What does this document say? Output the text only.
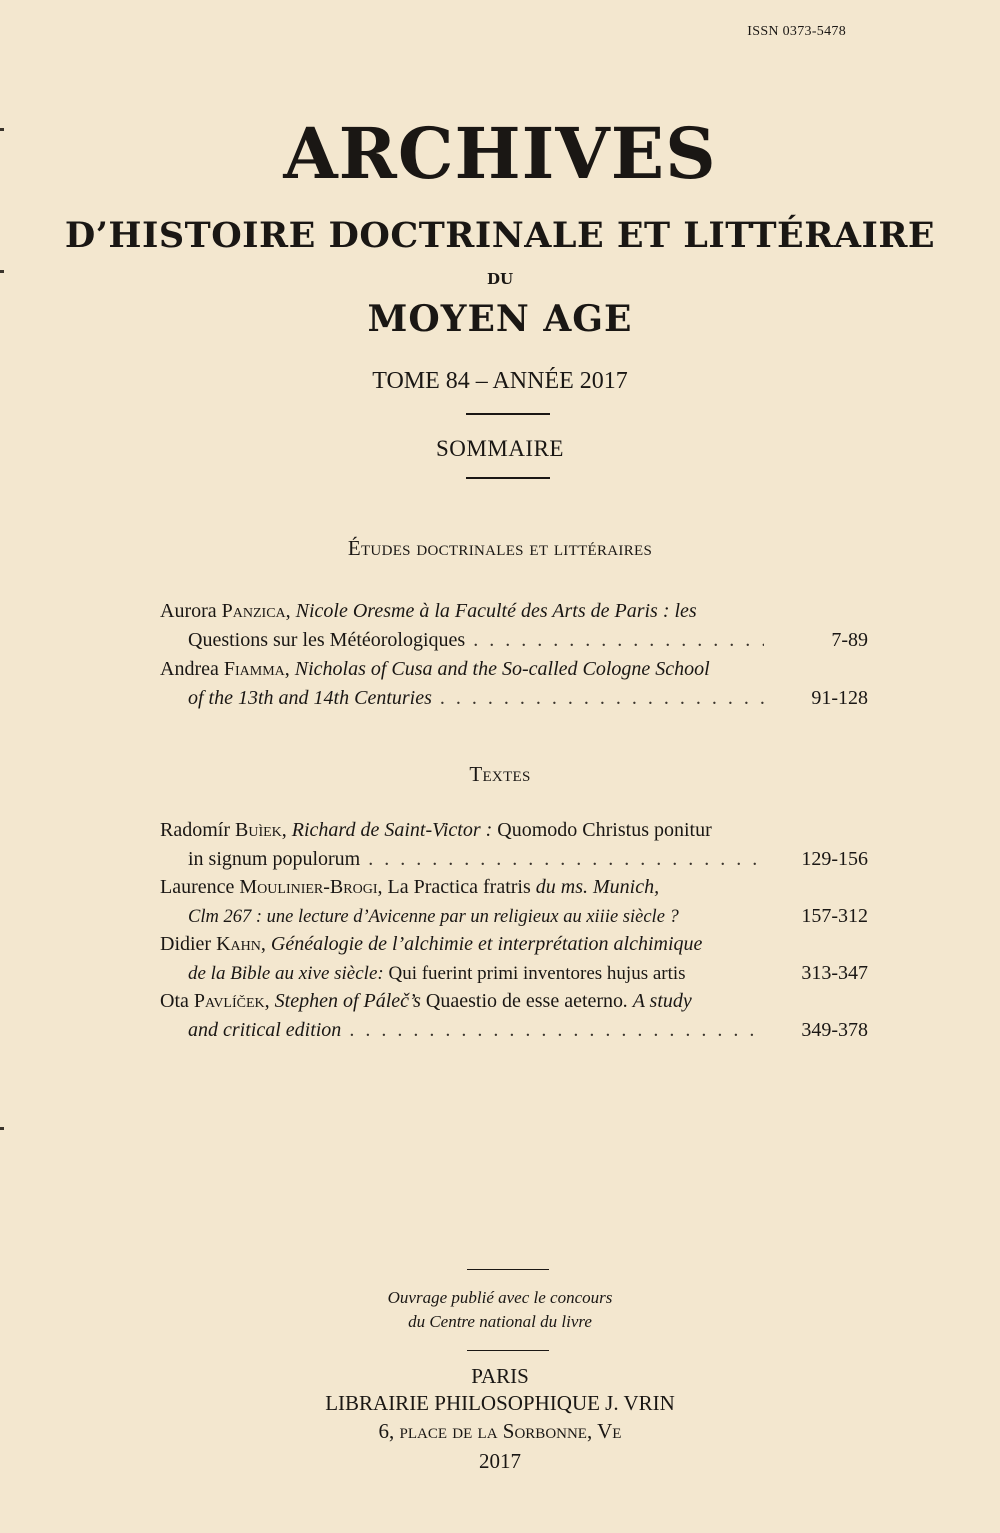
ISSN 0373-5478
ARCHIVES
D’HISTOIRE DOCTRINALE ET LITTÉRAIRE
DU
MOYEN AGE
TOME 84 – ANNÉE 2017
SOMMAIRE
Études doctrinales et littéraires
Aurora Panzica, Nicole Oresme à la Faculté des Arts de Paris : les
Questions sur les Météorologiques . . .	7-89
Andrea Fiamma, Nicholas of Cusa and the So-called Cologne School
of the 13th and 14th Centuries . . .	91-128
Textes
Radomír Buìek, Richard de Saint-Victor : Quomodo Christus ponitur
in signum populorum . . .	129-156
Laurence Moulinier-Brogi, La Practica fratris du ms. Munich,
Clm 267 : une lecture d’Avicenne par un religieux au xiiie siècle ?	157-312
Didier Kahn, Généalogie de l’alchimie et interprétation alchimique
de la Bible au xive siècle: Qui fuerint primi inventores hujus artis	313-347
Ota Pavlíček, Stephen of Páleč’s Quaestio de esse aeterno. A study
and critical edition . . .	349-378
Ouvrage publié avec le concours
du Centre national du livre
PARIS
LIBRAIRIE PHILOSOPHIQUE J. VRIN
6, place de la Sorbonne, Ve
2017
